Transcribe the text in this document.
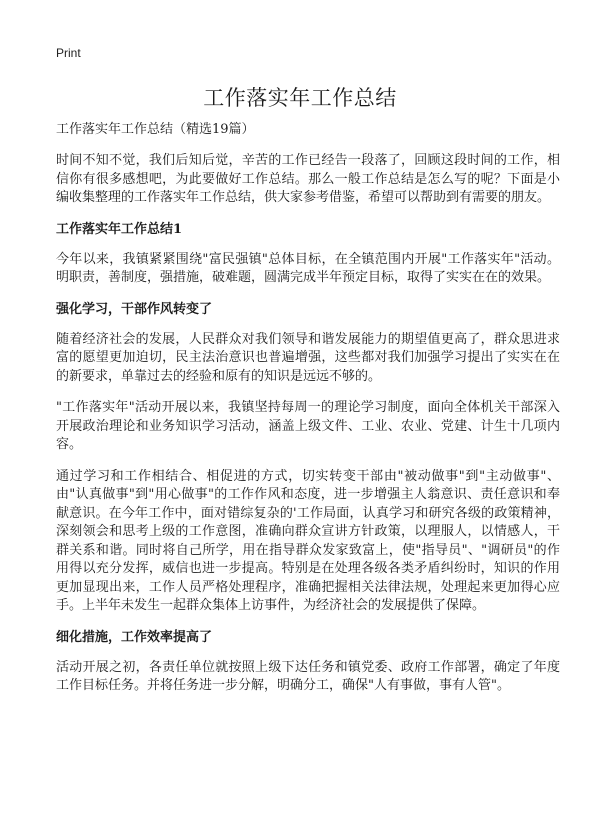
Print
工作落实年工作总结
工作落实年工作总结（精选19篇）

时间不知不觉，我们后知后觉，辛苦的工作已经告一段落了，回顾这段时间的工作，相信你有很多感想吧，为此要做好工作总结。那么一般工作总结是怎么写的呢？下面是小编收集整理的工作落实年工作总结，供大家参考借鉴，希望可以帮助到有需要的朋友。

工作落实年工作总结1

今年以来，我镇紧紧围绕"富民强镇"总体目标，在全镇范围内开展"工作落实年"活动。明职责，善制度，强措施，破难题，圆满完成半年预定目标，取得了实实在在的效果。

强化学习，干部作风转变了

随着经济社会的发展，人民群众对我们领导和谐发展能力的期望值更高了，群众思进求富的愿望更加迫切，民主法治意识也普遍增强，这些都对我们加强学习提出了实实在在的新要求，单靠过去的经验和原有的知识是远远不够的。

"工作落实年"活动开展以来，我镇坚持每周一的理论学习制度，面向全体机关干部深入开展政治理论和业务知识学习活动，涵盖上级文件、工业、农业、党建、计生十几项内容。

通过学习和工作相结合、相促进的方式，切实转变干部由"被动做事"到"主动做事"、由"认真做事"到"用心做事"的工作作风和态度，进一步增强主人翁意识、责任意识和奉献意识。在今年工作中，面对错综复杂的'工作局面，认真学习和研究各级的政策精神，深刻领会和思考上级的工作意图，准确向群众宣讲方针政策，以理服人，以情感人，干群关系和谐。同时将自己所学，用在指导群众发家致富上，使"指导员"、"调研员"的作用得以充分发挥，威信也进一步提高。特别是在处理各级各类矛盾纠纷时，知识的作用更加显现出来，工作人员严格处理程序，准确把握相关法律法规，处理起来更加得心应手。上半年未发生一起群众集体上访事件，为经济社会的发展提供了保障。

细化措施，工作效率提高了

活动开展之初，各责任单位就按照上级下达任务和镇党委、政府工作部署，确定了年度工作目标任务。并将任务进一步分解，明确分工，确保"人有事做，事有人管"。
